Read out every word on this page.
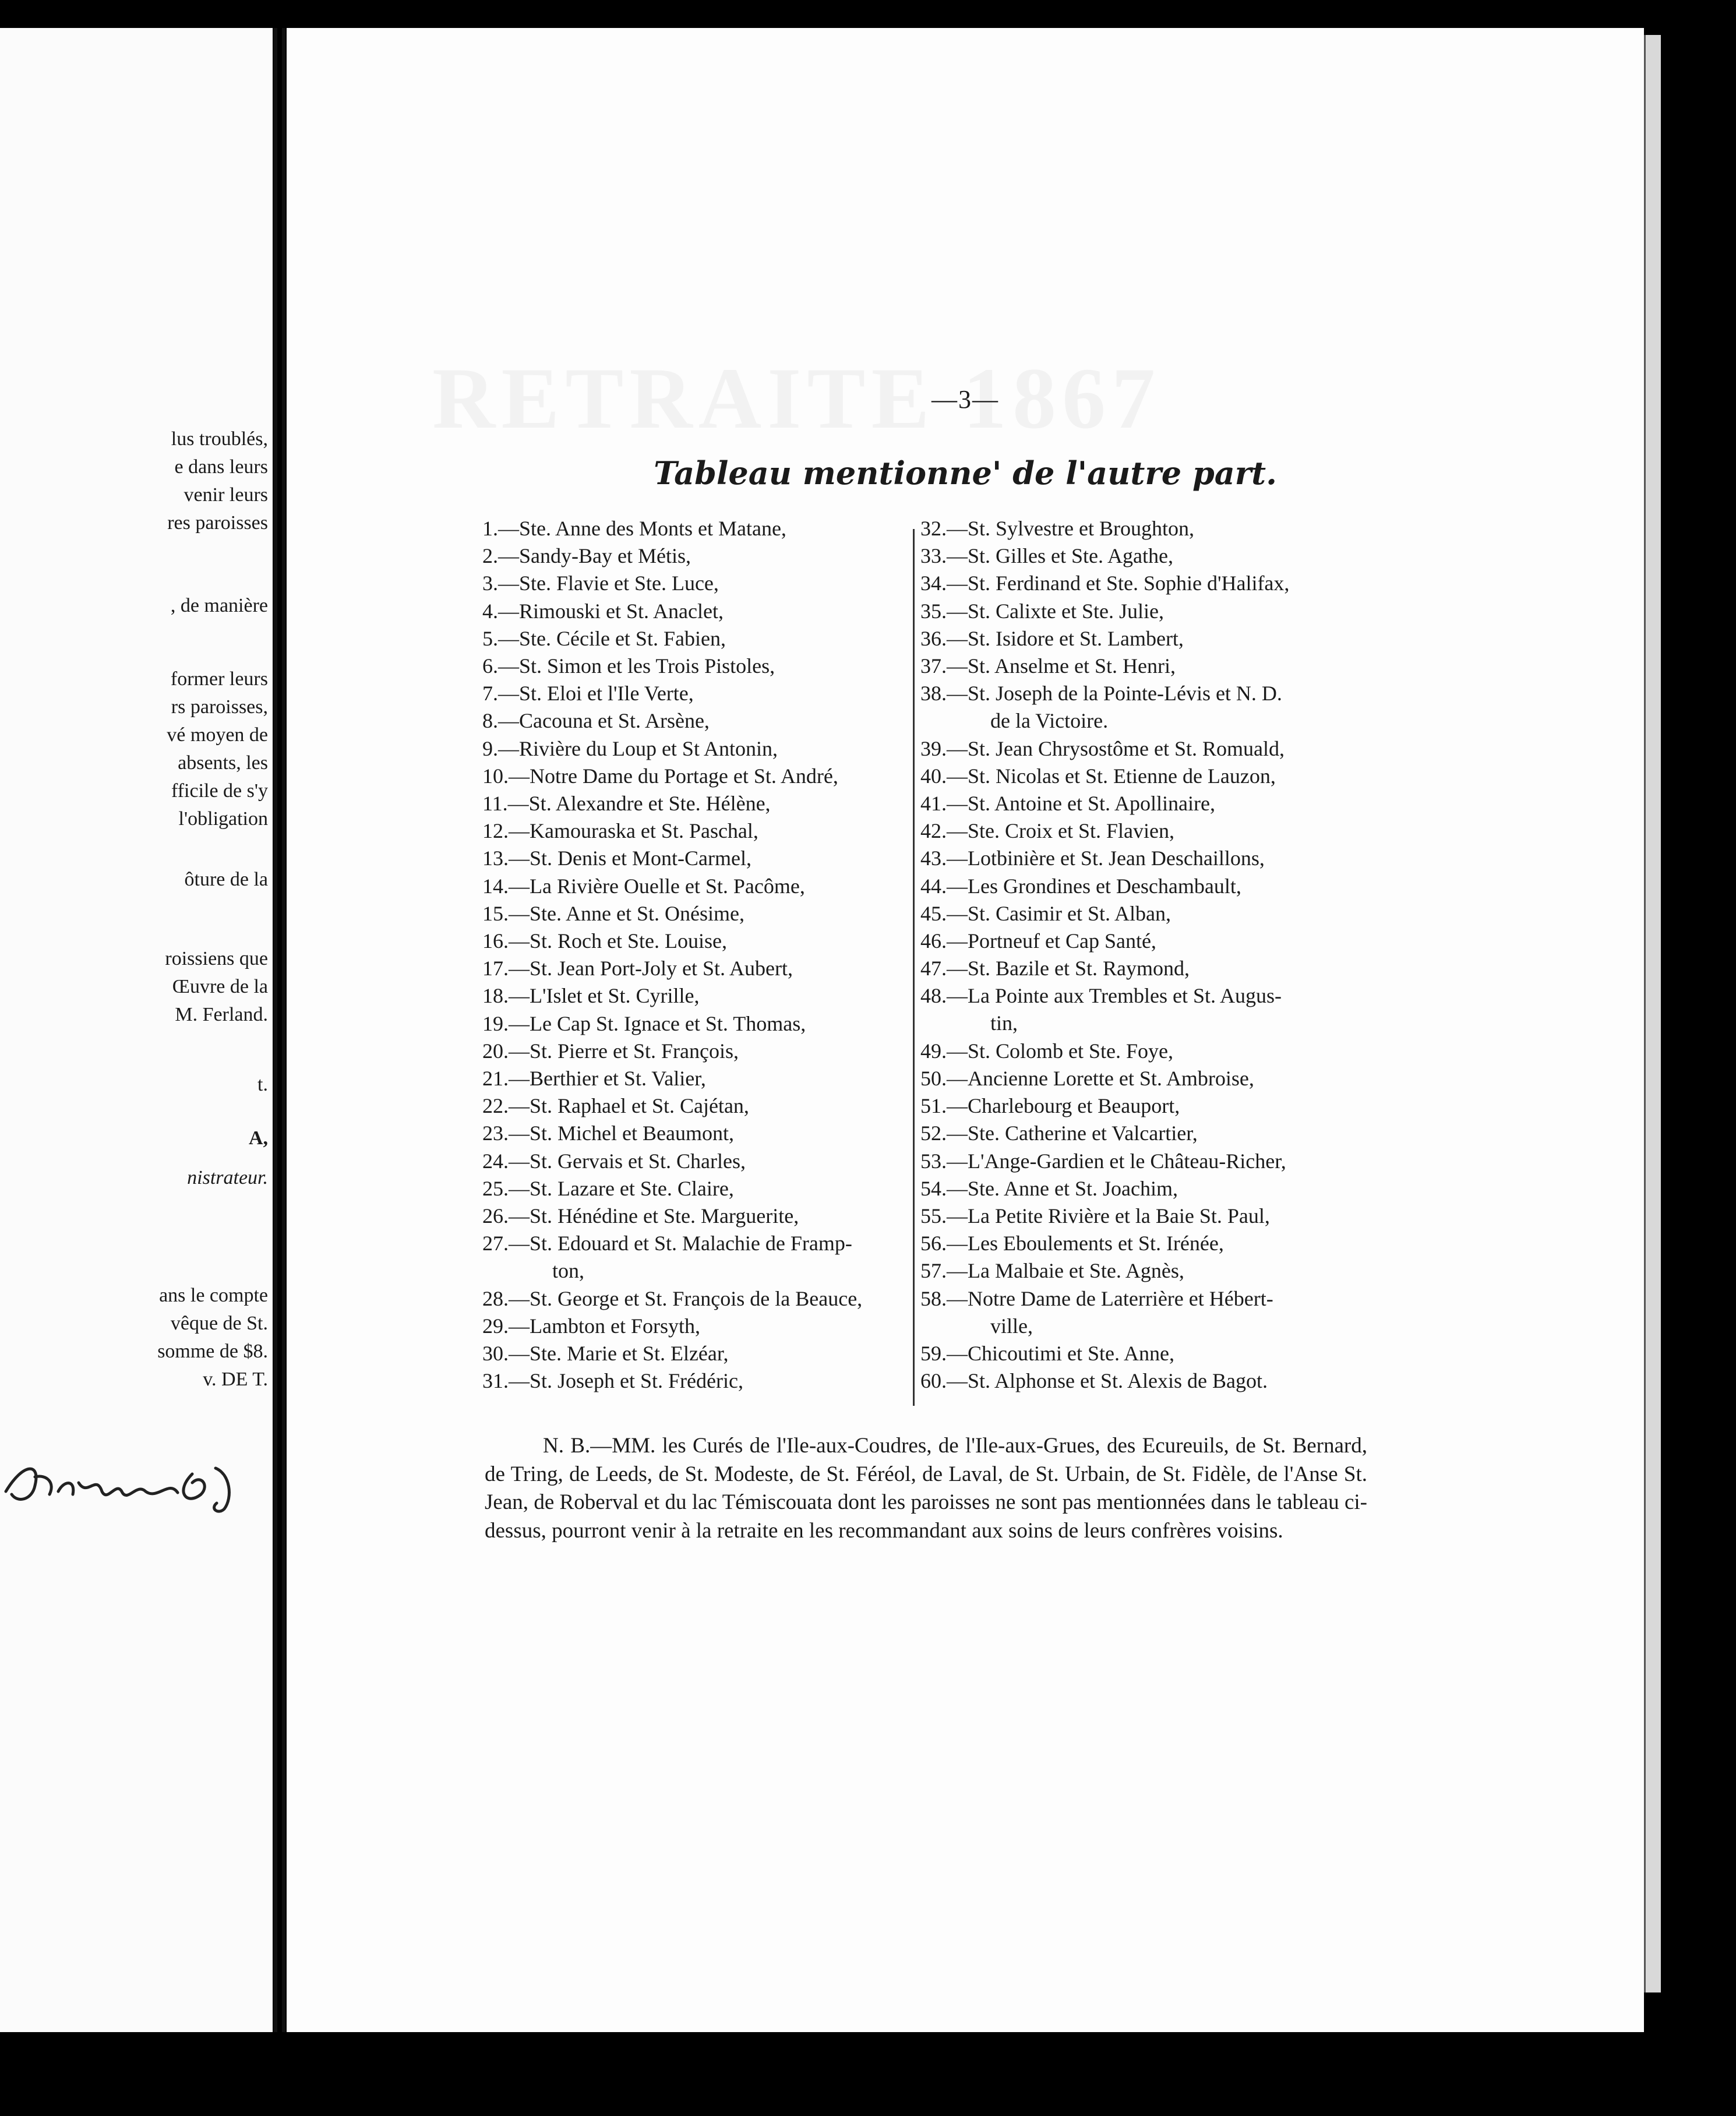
lus troublés,
e dans leurs
venir leurs
res paroisses
, de manière
former leurs
rs paroisses,
vé moyen de
absents, les
fficile de s'y
l'obligation
ôture de la
roissiens que
Œuvre de la
M. Ferland.
t.
A,
nistrateur.
ans le compte
vêque de St.
somme de $8.
v. DE T.
—3—
Tableau mentionne' de l'autre part.
1.—Ste. Anne des Monts et Matane,
2.—Sandy-Bay et Métis,
3.—Ste. Flavie et Ste. Luce,
4.—Rimouski et St. Anaclet,
5.—Ste. Cécile et St. Fabien,
6.—St. Simon et les Trois Pistoles,
7.—St. Eloi et l'Ile Verte,
8.—Cacouna et St. Arsène,
9.—Rivière du Loup et St Antonin,
10.—Notre Dame du Portage et St. André,
11.—St. Alexandre et Ste. Hélène,
12.—Kamouraska et St. Paschal,
13.—St. Denis et Mont-Carmel,
14.—La Rivière Ouelle et St. Pacôme,
15.—Ste. Anne et St. Onésime,
16.—St. Roch et Ste. Louise,
17.—St. Jean Port-Joly et St. Aubert,
18.—L'Islet et St. Cyrille,
19.—Le Cap St. Ignace et St. Thomas,
20.—St. Pierre et St. François,
21.—Berthier et St. Valier,
22.—St. Raphael et St. Cajétan,
23.—St. Michel et Beaumont,
24.—St. Gervais et St. Charles,
25.—St. Lazare et Ste. Claire,
26.—St. Hénédine et Ste. Marguerite,
27.—St. Edouard et St. Malachie de Framp-
ton,
28.—St. George et St. François de la Beauce,
29.—Lambton et Forsyth,
30.—Ste. Marie et St. Elzéar,
31.—St. Joseph et St. Frédéric,
32.—St. Sylvestre et Broughton,
33.—St. Gilles et Ste. Agathe,
34.—St. Ferdinand et Ste. Sophie d'Halifax,
35.—St. Calixte et Ste. Julie,
36.—St. Isidore et St. Lambert,
37.—St. Anselme et St. Henri,
38.—St. Joseph de la Pointe-Lévis et N. D.
de la Victoire.
39.—St. Jean Chrysostôme et St. Romuald,
40.—St. Nicolas et St. Etienne de Lauzon,
41.—St. Antoine et St. Apollinaire,
42.—Ste. Croix et St. Flavien,
43.—Lotbinière et St. Jean Deschaillons,
44.—Les Grondines et Deschambault,
45.—St. Casimir et St. Alban,
46.—Portneuf et Cap Santé,
47.—St. Bazile et St. Raymond,
48.—La Pointe aux Trembles et St. Augus-
tin,
49.—St. Colomb et Ste. Foye,
50.—Ancienne Lorette et St. Ambroise,
51.—Charlebourg et Beauport,
52.—Ste. Catherine et Valcartier,
53.—L'Ange-Gardien et le Château-Richer,
54.—Ste. Anne et St. Joachim,
55.—La Petite Rivière et la Baie St. Paul,
56.—Les Eboulements et St. Irénée,
57.—La Malbaie et Ste. Agnès,
58.—Notre Dame de Laterrière et Hébert-
ville,
59.—Chicoutimi et Ste. Anne,
60.—St. Alphonse et St. Alexis de Bagot.

N. B.—MM. les Curés de l'Ile-aux-Coudres, de l'Ile-aux-Grues, des Ecureuils, de St. Bernard, de Tring, de Leeds, de St. Modeste, de St. Féréol, de Laval, de St. Urbain, de St. Fidèle, de l'Anse St. Jean, de Roberval et du lac Témiscouata dont les paroisses ne sont pas mentionnées dans le tableau ci-dessus, pourront venir à la retraite en les recommandant aux soins de leurs confrères voisins.
